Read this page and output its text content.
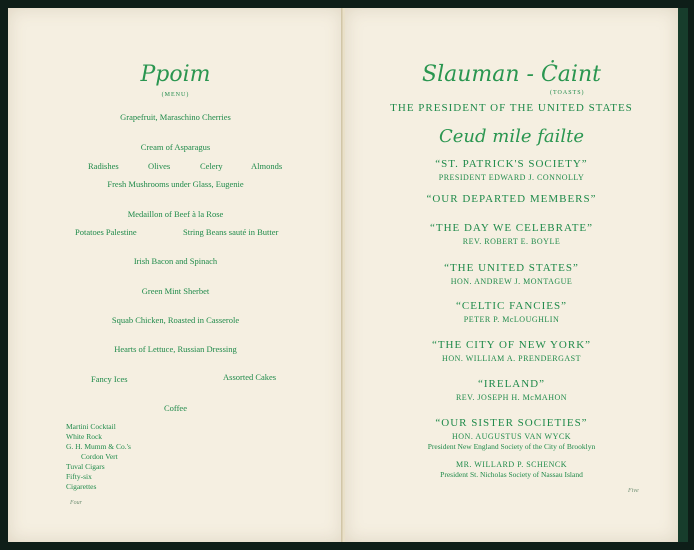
Ppoim

(MENU)

Grapefruit, Maraschino Cherries

Cream of Asparagus

Radishes	Olives	Celery	Almonds

Fresh Mushrooms under Glass, Eugenie

Medaillon of Beef à la Rose

Potatoes Palestine	String Beans sauté in Butter

Irish Bacon and Spinach

Green Mint Sherbet

Squab Chicken, Roasted in Casserole

Hearts of Lettuce, Russian Dressing

Fancy Ices	Assorted Cakes

Coffee

Martini Cocktail

White Rock

G. H. Mumm & Co.'s

Cordon Vert

Tuval Cigars

Fifty-six

Cigarettes

Four

Slauman - Ċaint

(TOASTS)

THE PRESIDENT OF THE UNITED STATES

Ceud mile failte

“ST. PATRICK'S SOCIETY”

PRESIDENT EDWARD J. CONNOLLY

“OUR DEPARTED MEMBERS”

“THE DAY WE CELEBRATE”

REV. ROBERT E. BOYLE

“THE UNITED STATES”

HON. ANDREW J. MONTAGUE

“CELTIC FANCIES”

PETER P. McLOUGHLIN

“THE CITY OF NEW YORK”

HON. WILLIAM A. PRENDERGAST

“IRELAND”

REV. JOSEPH H. McMAHON

“OUR SISTER SOCIETIES”

HON. AUGUSTUS VAN WYCK

President New England Society of the City of Brooklyn

MR. WILLARD P. SCHENCK

President St. Nicholas Society of Nassau Island

Five
